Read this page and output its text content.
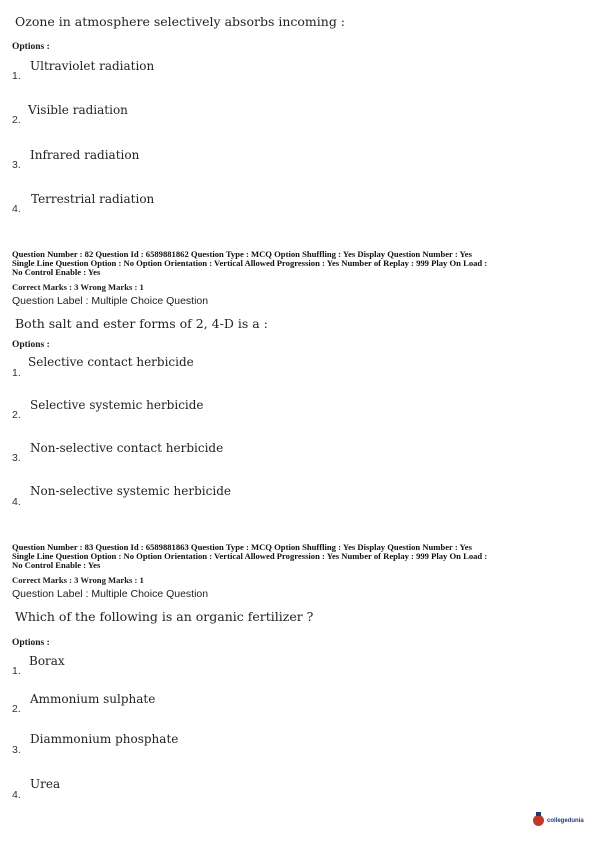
Ozone in atmosphere selectively absorbs incoming :
Options :
Ultraviolet radiation
1.
Visible radiation
2.
Infrared radiation
3.
Terrestrial radiation
4.
Question Number : 82 Question Id : 6589881862 Question Type : MCQ Option Shuffling : Yes Display Question Number : Yes
Single Line Question Option : No Option Orientation : Vertical Allowed Progression : Yes Number of Replay : 999 Play On Load :
No Control Enable : Yes
Correct Marks : 3 Wrong Marks : 1
Question Label : Multiple Choice Question
Both salt and ester forms of 2, 4-D is a :
Options :
Selective contact herbicide
1.
Selective systemic herbicide
2.
Non-selective contact herbicide
3.
Non-selective systemic herbicide
4.
Question Number : 83 Question Id : 6589881863 Question Type : MCQ Option Shuffling : Yes Display Question Number : Yes
Single Line Question Option : No Option Orientation : Vertical Allowed Progression : Yes Number of Replay : 999 Play On Load :
No Control Enable : Yes
Correct Marks : 3 Wrong Marks : 1
Question Label : Multiple Choice Question
Which of the following is an organic fertilizer ?
Options :
Borax
1.
Ammonium sulphate
2.
Diammonium phosphate
3.
Urea
4.
collegedunia
